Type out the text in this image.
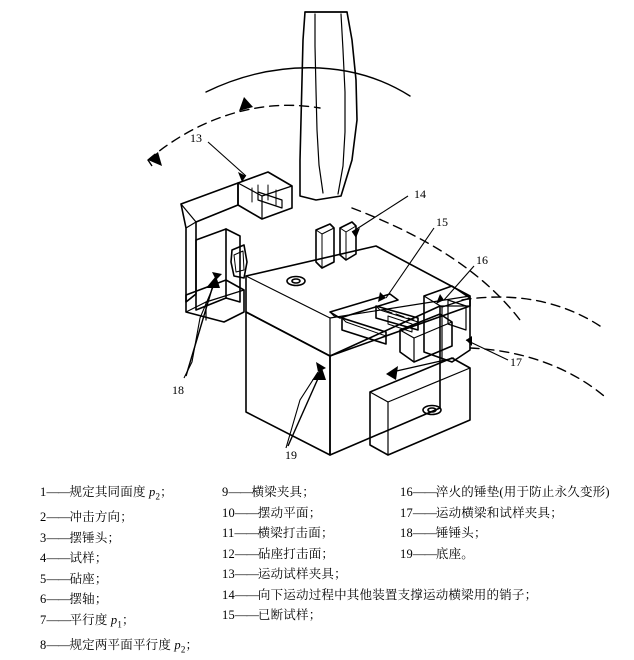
13
14
15
16
17
18
19
1——规定其同面度 $p_2$；
2——冲击方向；
3——摆锤头；
4——试样；
5——砧座；
6——摆轴；
7——平行度 $p_1$；
8——规定两平面平行度 $p_2$；
9——横梁夹具；
10——摆动平面；
11——横梁打击面；
12——砧座打击面；
13——运动试样夹具；
14——向下运动过程中其他装置支撑运动横梁用的销子；
15——已断试样；
16——淬火的锤垫(用于防止永久变形)
17——运动横梁和试样夹具；
18——锤锤头；
19——底座。
